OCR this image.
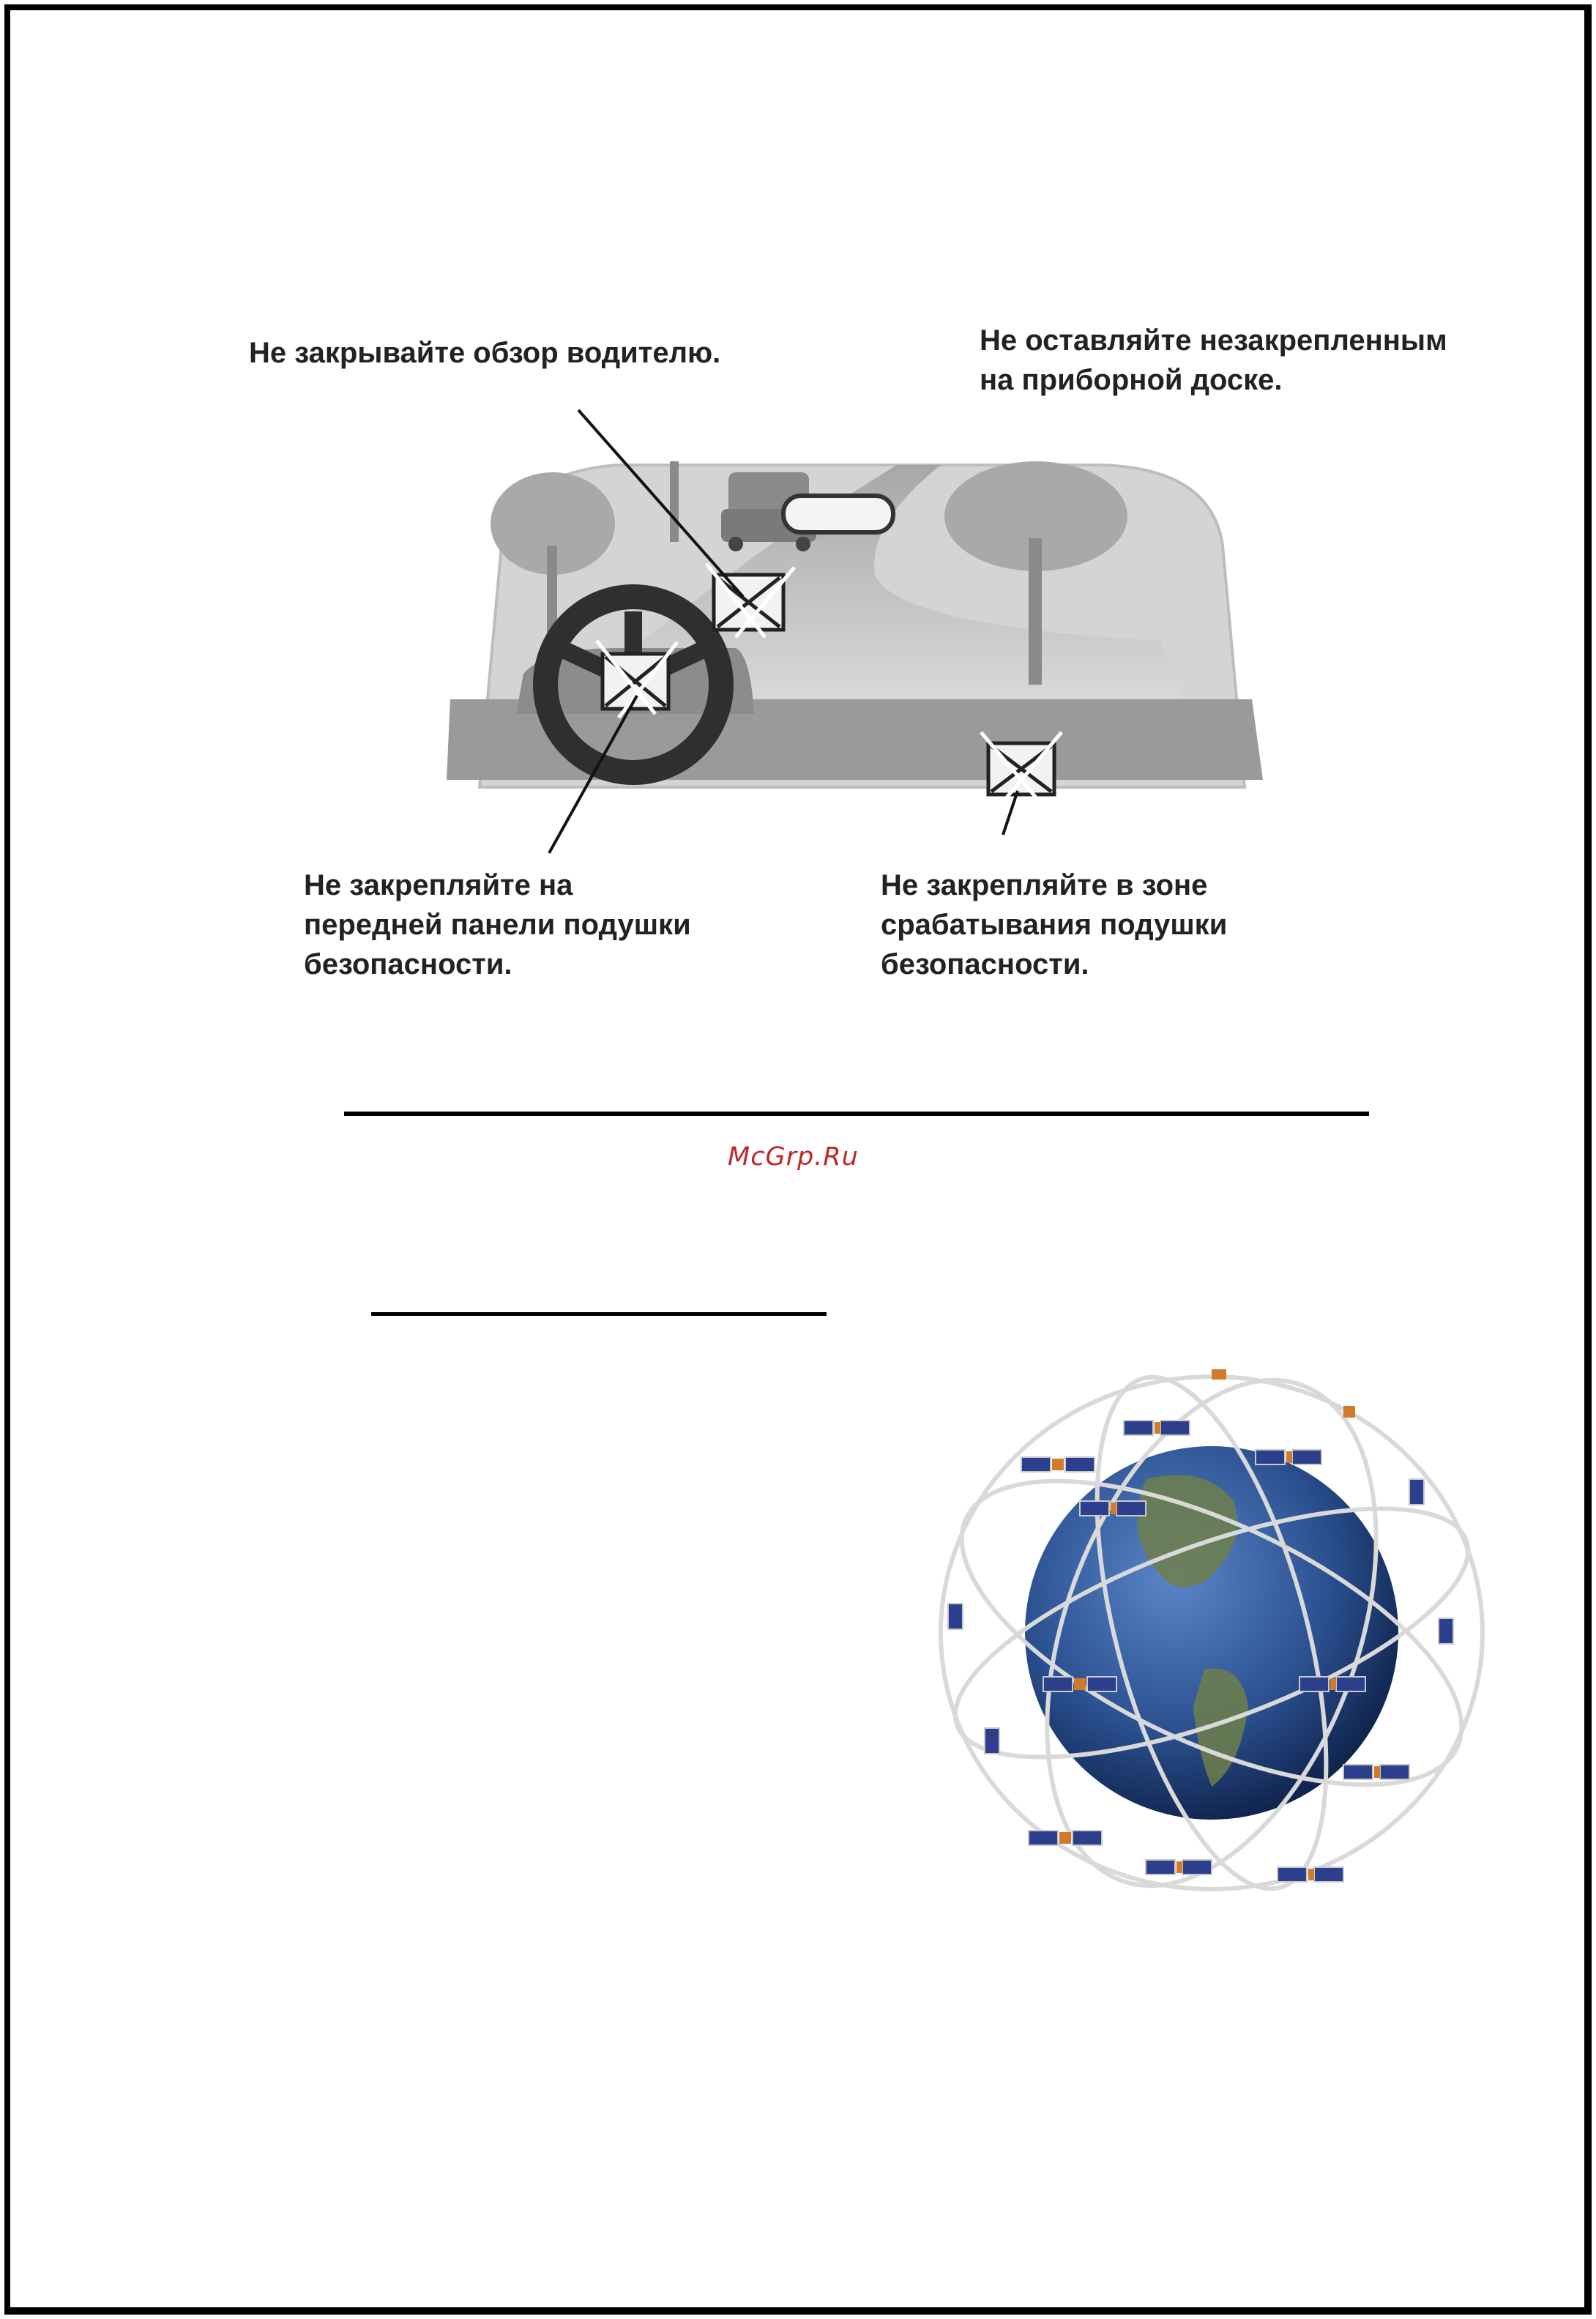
Не закрывайте обзор водителю.	Не оставляйте незакрепленным
на приборной доске.
Не закрепляйте на
передней панели подушки
безопасности.
Не закрепляйте в зоне
срабатывания подушки
безопасности.
McGrp.Ru
